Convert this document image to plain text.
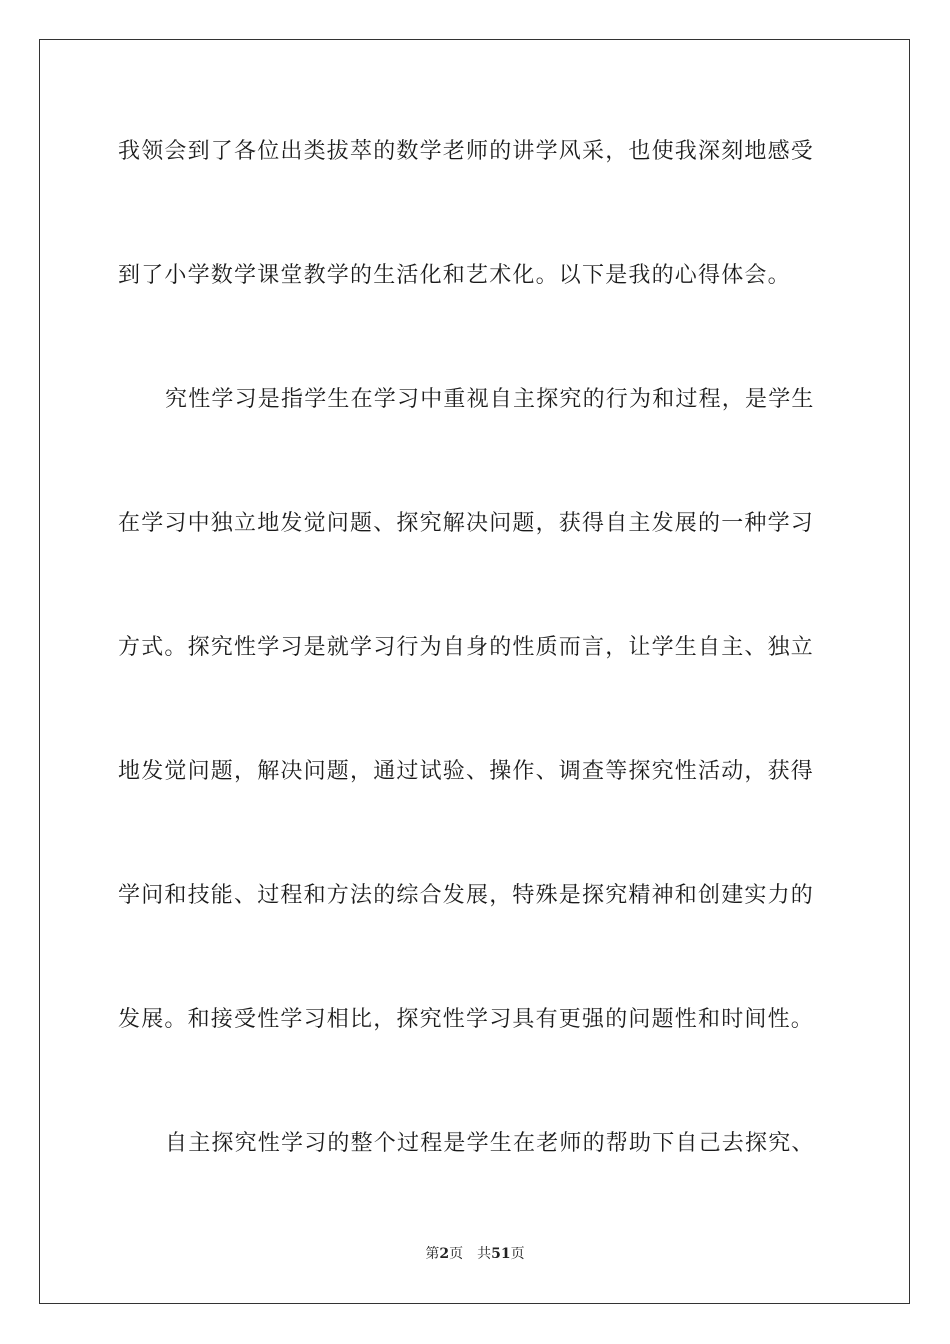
我领会到了各位出类拔萃的数学老师的讲学风采，也使我深刻地感受
到了小学数学课堂教学的生活化和艺术化。以下是我的心得体会。
究性学习是指学生在学习中重视自主探究的行为和过程，是学生
在学习中独立地发觉问题、探究解决问题，获得自主发展的一种学习
方式。探究性学习是就学习行为自身的性质而言，让学生自主、独立
地发觉问题，解决问题，通过试验、操作、调查等探究性活动，获得
学问和技能、过程和方法的综合发展，特殊是探究精神和创建实力的
发展。和接受性学习相比，探究性学习具有更强的问题性和时间性。
自主探究性学习的整个过程是学生在老师的帮助下自己去探究、
第2页 共51页
